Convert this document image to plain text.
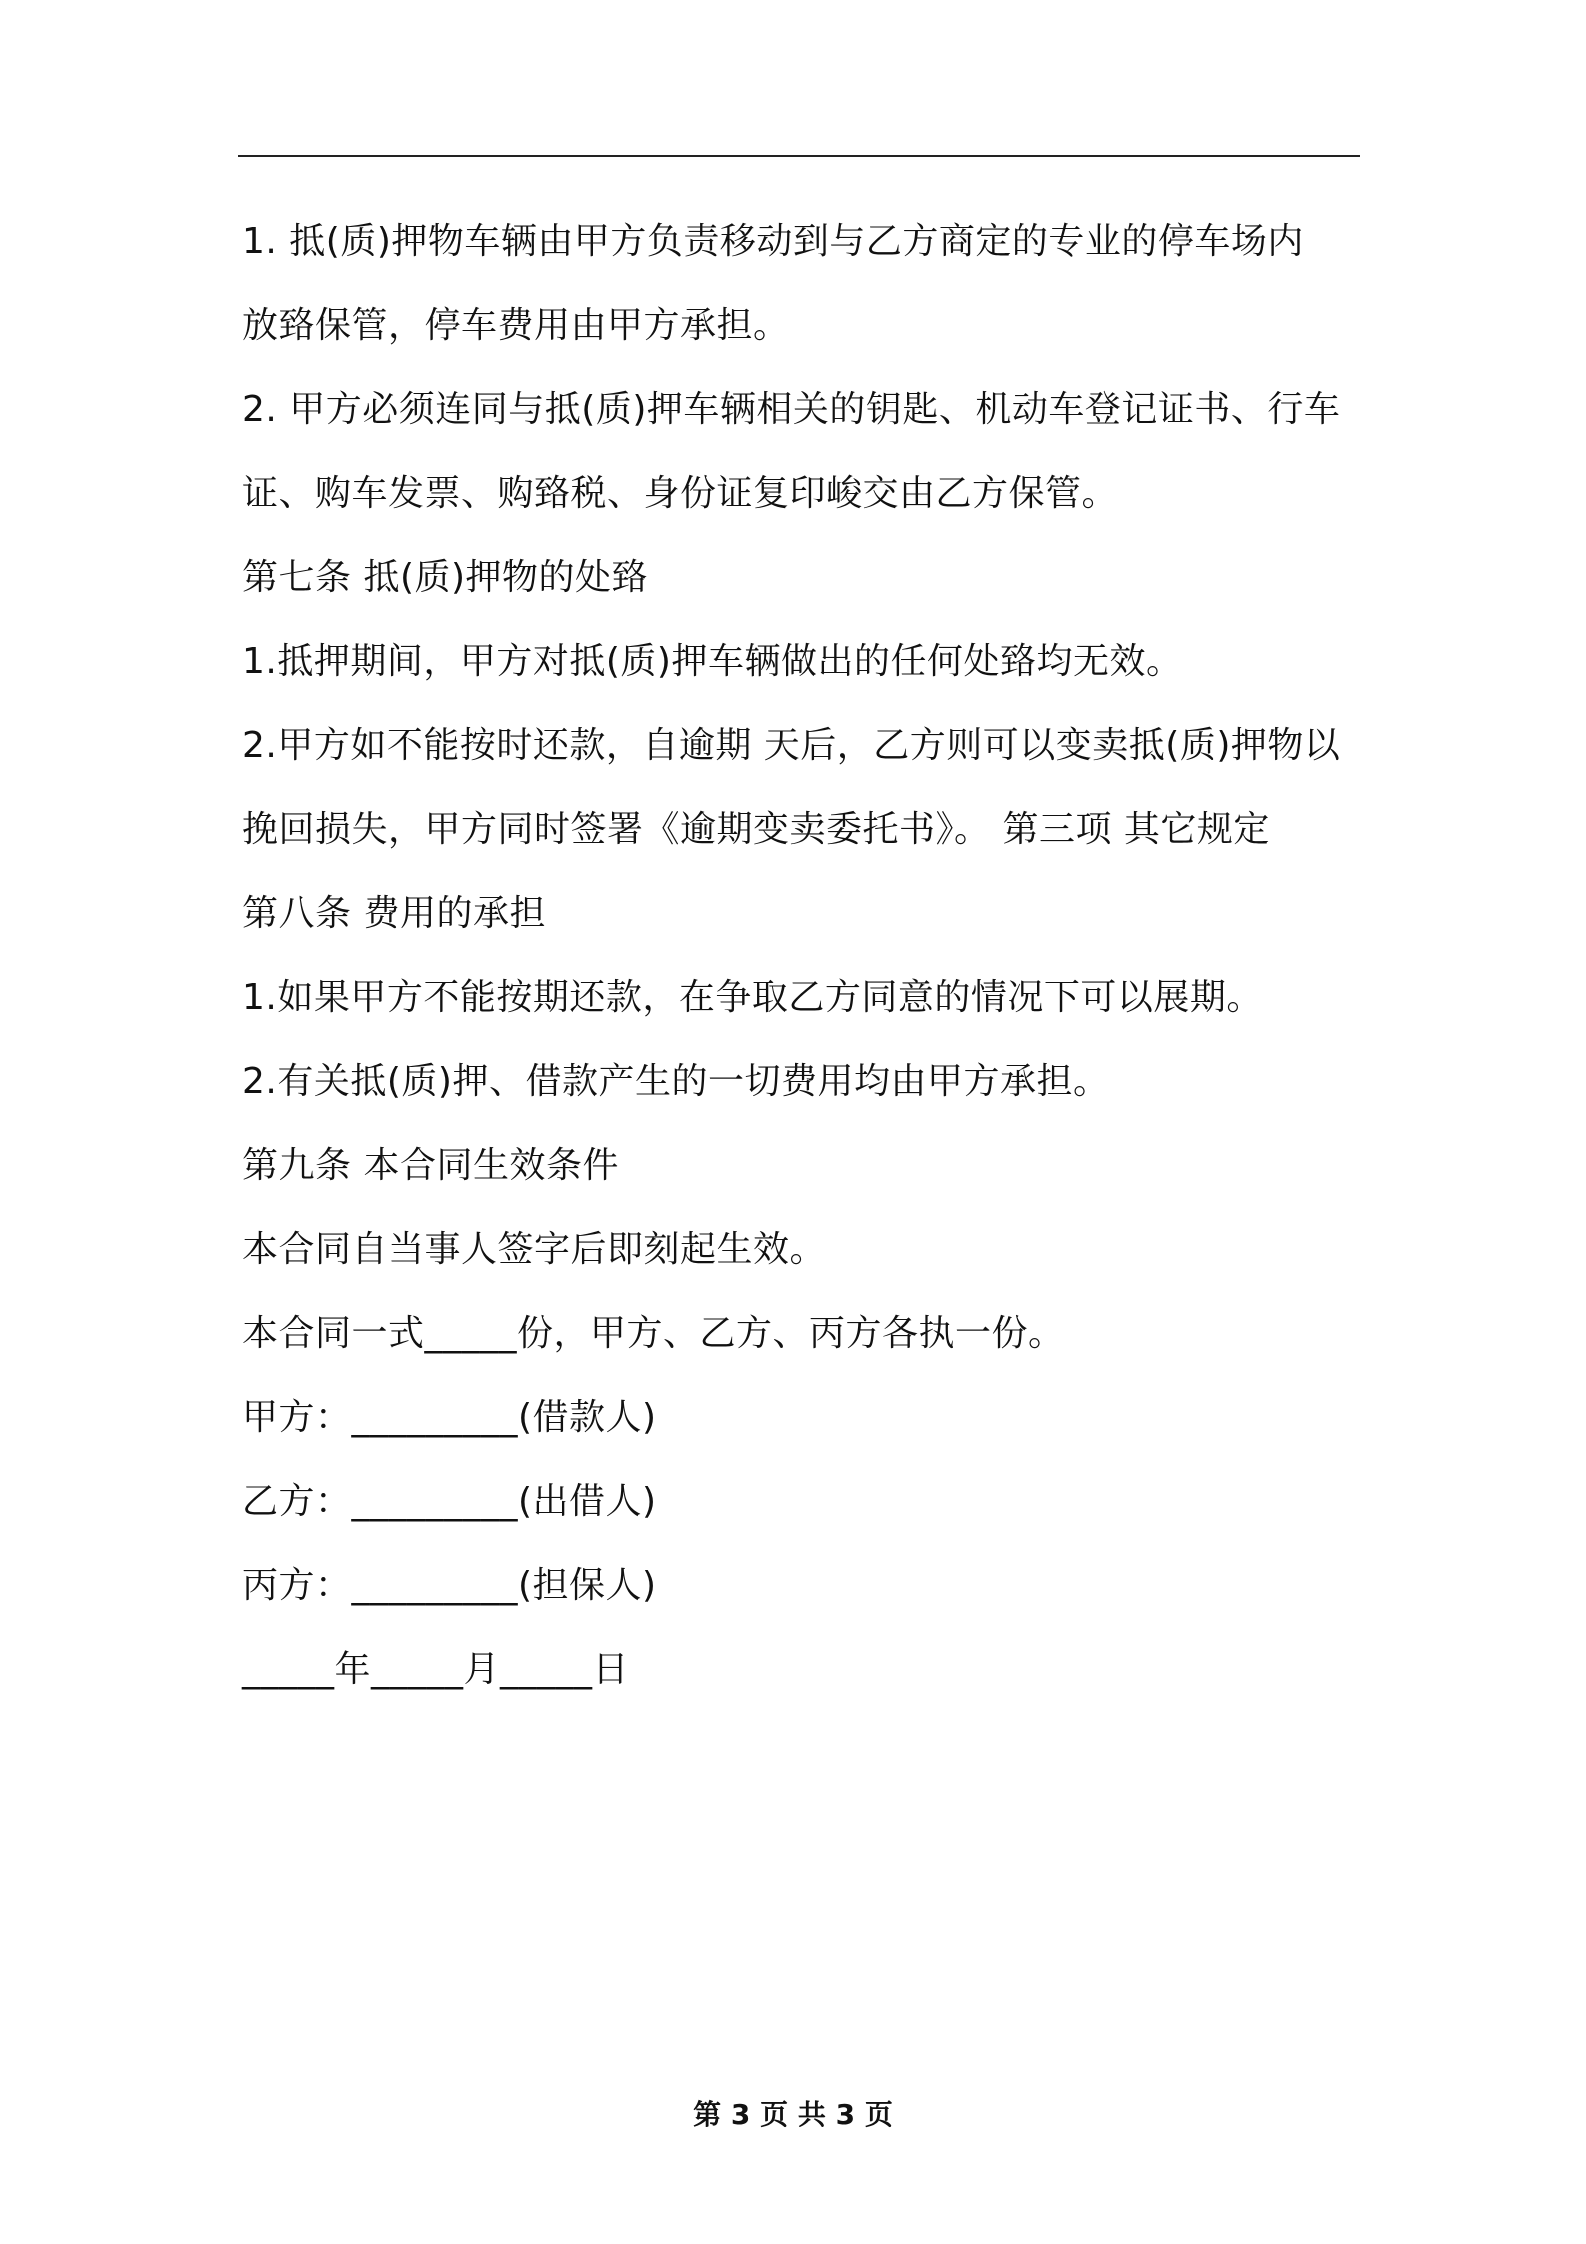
1. 抵(质)押物车辆由甲方负责移动到与乙方商定的专业的停车场内
放臵保管，停车费用由甲方承担。
2. 甲方必须连同与抵(质)押车辆相关的钥匙、机动车登记证书、行车
证、购车发票、购臵税、身份证复印峻交由乙方保管。
第七条 抵(质)押物的处臵
1.抵押期间，甲方对抵(质)押车辆做出的任何处臵均无效。
2.甲方如不能按时还款，自逾期 天后，乙方则可以变卖抵(质)押物以
挽回损失，甲方同时签署《逾期变卖委托书》。 第三项 其它规定
第八条 费用的承担
1.如果甲方不能按期还款，在争取乙方同意的情况下可以展期。
2.有关抵(质)押、借款产生的一切费用均由甲方承担。
第九条 本合同生效条件
本合同自当事人签字后即刻起生效。
本合同一式_____份，甲方、乙方、丙方各执一份。
甲方：_________(借款人)
乙方：_________(出借人)
丙方：_________(担保人)
_____年_____月_____日
第 3 页 共 3 页
